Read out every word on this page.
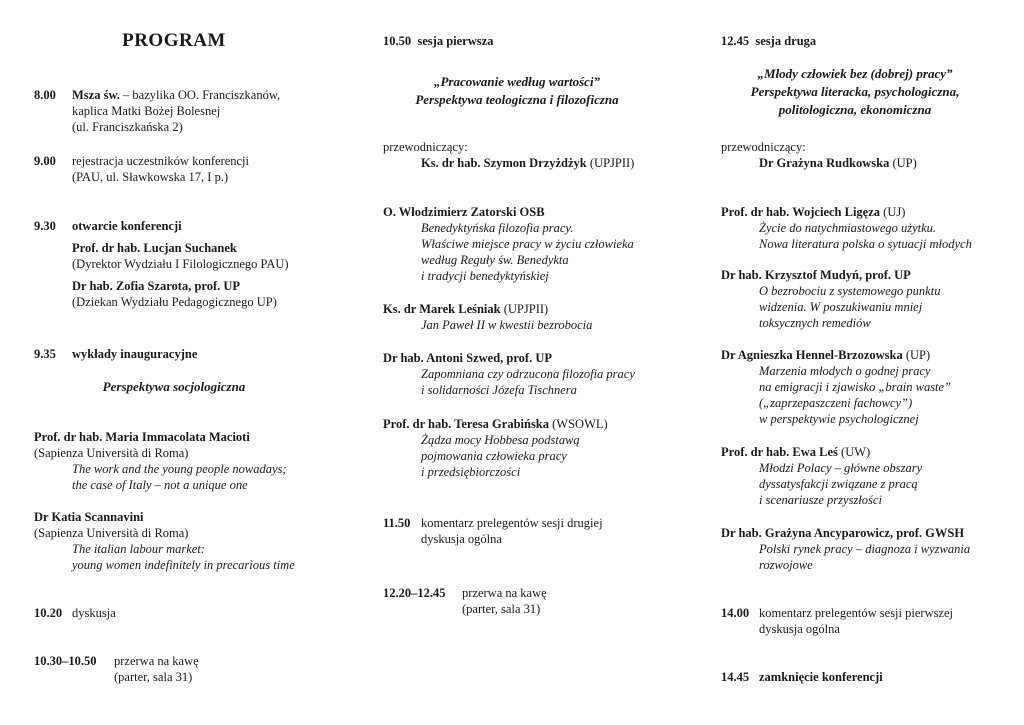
PROGRAM
8.00 Msza św. – bazylika OO. Franciszkanów,
kaplica Matki Bożej Bolesnej
(ul. Franciszkańska 2)
9.00 rejestracja uczestników konferencji
(PAU, ul. Sławkowska 17, I p.)
9.30 otwarcie konferencji
Prof. dr hab. Lucjan Suchanek
(Dyrektor Wydziału I Filologicznego PAU)
Dr hab. Zofia Szarota, prof. UP
(Dziekan Wydziału Pedagogicznego UP)
9.35 wykłady inauguracyjne
Perspektywa socjologiczna
Prof. dr hab. Maria Immacolata Macioti
(Sapienza Università di Roma)
The work and the young people nowadays;
the case of Italy – not a unique one
Dr Katia Scannavini
(Sapienza Università di Roma)
The italian labour market:
young women indefinitely in precarious time
10.20 dyskusja
10.30–10.50 przerwa na kawę
(parter, sala 31)
10.50 sesja pierwsza
„Pracowanie według wartości”
Perspektywa teologiczna i filozoficzna
przewodniczący:
Ks. dr hab. Szymon Drzyżdżyk (UPJPII)
O. Włodzimierz Zatorski OSB
Benedyktyńska filozofia pracy.
Właściwe miejsce pracy w życiu człowieka
według Reguły św. Benedykta
i tradycji benedyktyńskiej
Ks. dr Marek Leśniak (UPJPII)
Jan Paweł II w kwestii bezrobocia
Dr hab. Antoni Szwed, prof. UP
Zapomniana czy odrzucona filozofia pracy
i solidarności Józefa Tischnera
Prof. dr hab. Teresa Grabińska (WSOWL)
Żądza mocy Hobbesa podstawą
pojmowania człowieka pracy
i przedsiębiorczości
11.50 komentarz prelegentów sesji drugiej
dyskusja ogólna
12.20–12.45 przerwa na kawę
(parter, sala 31)
12.45 sesja druga
„Młody człowiek bez (dobrej) pracy”
Perspektywa literacka, psychologiczna,
politologiczna, ekonomiczna
przewodniczący:
Dr Grażyna Rudkowska (UP)
Prof. dr hab. Wojciech Ligęza (UJ)
Życie do natychmiastowego użytku.
Nowa literatura polska o sytuacji młodych
Dr hab. Krzysztof Mudyń, prof. UP
O bezrobociu z systemowego punktu
widzenia. W poszukiwaniu mniej
toksycznych remediów
Dr Agnieszka Hennel-Brzozowska (UP)
Marzenia młodych o godnej pracy
na emigracji i zjawisko „brain waste”
(„zaprzepaszczeni fachowcy”)
w perspektywie psychologicznej
Prof. dr hab. Ewa Leś (UW)
Młodzi Polacy – główne obszary
dyssatysfakcji związane z pracą
i scenariusze przyszłości
Dr hab. Grażyna Ancyparowicz, prof. GWSH
Polski rynek pracy – diagnoza i wyzwania
rozwojowe
14.00 komentarz prelegentów sesji pierwszej
dyskusja ogólna
14.45 zamknięcie konferencji
